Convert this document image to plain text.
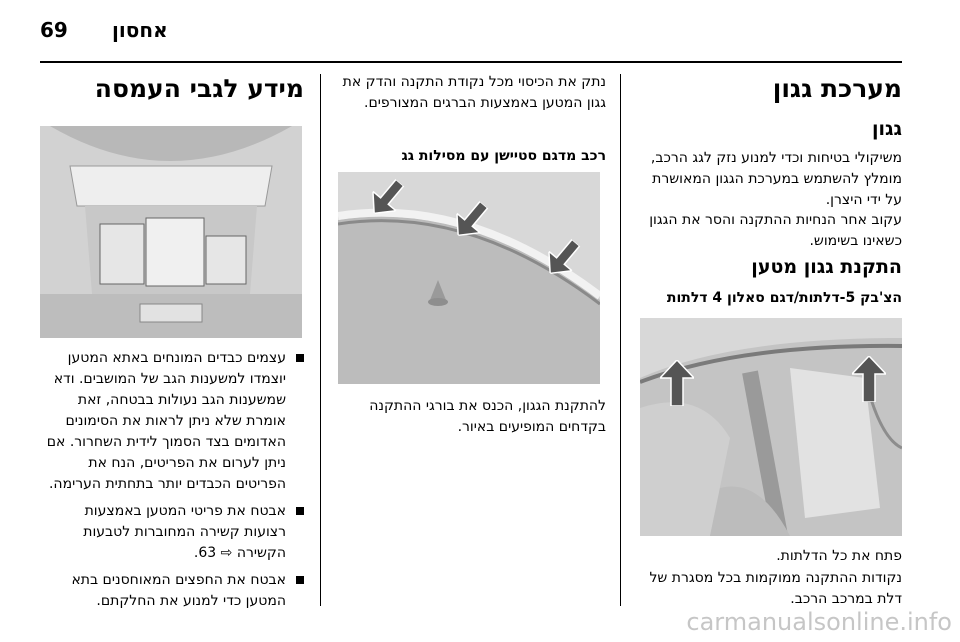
69 אחסון
מערכת גגון
גגון
משיקולי בטיחות וכדי למנוע נזק לגג הרכב, מומלץ להשתמש במערכת הגגון המאושרת על ידי היצרן.
עקוב אחר הנחיות ההתקנה והסר את הגגון כשאינו בשימוש.
התקנת גגון מטען
הצ'בק 5-דלתות/דגם סאלון 4 דלתות
פתח את כל הדלתות.
נקודות ההתקנה ממוקמות בכל מסגרת של דלת במרכב הרכב.
נתק את הכיסוי מכל נקודת התקנה והדק את גגון המטען באמצעות הברגים המצורפים.
רכב מדגם סטיישן עם מסילות גג
להתקנת הגגון, הכנס את בורגי ההתקנה בקדחים המופיעים באיור.
מידע לגבי העמסה
עצמים כבדים המונחים באתא המטען יוצמדו למשענות הגב של המושבים. ודא שמשענות הגב נעולות בבטחה, זאת אומרת שלא ניתן לראות את הסימונים האדומים בצד הסמוך לידית השחרור. אם ניתן לערום את הפריטים, הנח את הפריטים הכבדים יותר בתחתית הערימה.
אבטח את פריטי המטען באמצעות רצועות קשירה המחוברות לטבעות הקשירה ⇨ 63.
אבטח את החפצים המאוחסנים בתא המטען כדי למנוע את החלקתם.
carmanualsonline.info
